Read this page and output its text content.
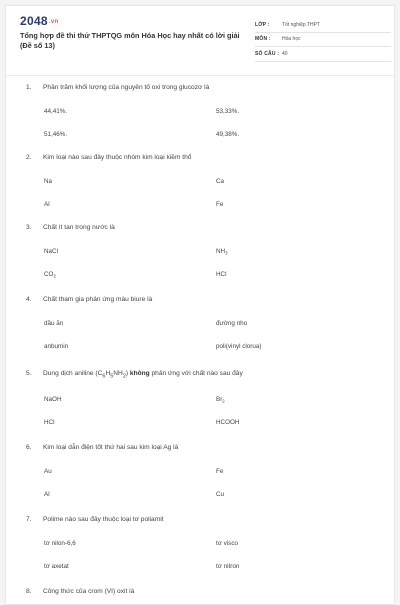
2048.vn
Tổng hợp đề thi thử THPTQG môn Hóa Học hay nhất có lời giải (Đề số 13)
LỚP :	Tốt nghiệp THPT
MÔN :	Hóa học
SỐ CÂU : 40
1. Phần trăm khối lượng của nguyên tố oxi trong glucozơ là
44,41%.	53,33%.
51,46%.	49,38%.
2. Kim loại nào sau đây thuộc nhóm kim loại kiềm thổ
Na	Ca
Al	Fe
3. Chất ít tan trong nước là
NaCl	$NH_3$
$CO_2$	HCl
4. Chất tham gia phản ứng màu biure là
dầu ăn	đường nho
anbumin	poli(vinyl clorua)
5. Dung dịch aniline $(C_6H_5NH_2)$ không phản ứng với chất nào sau đây
NaOH	$Br_2$
HCl	HCOOH
6. Kim loại dẫn điện tốt thứ hai sau kim loại Ag là
Au	Fe
Al	Cu
7. Polime nào sau đây thuộc loại tơ poliamit
tơ nilon-6,6	tơ visco
tơ axetat	tơ nitron
8. Công thức của crom (VI) oxit là
